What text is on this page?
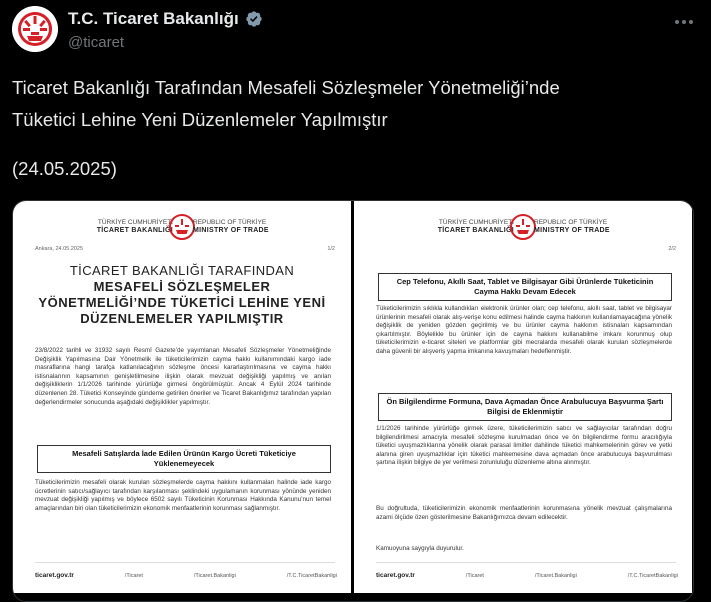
T.C. Ticaret Bakanlığı
@ticaret
Ticaret Bakanlığı Tarafından Mesafeli Sözleşmeler Yönetmeliği’nde
Tüketici Lehine Yeni Düzenlemeler Yapılmıştır
(24.05.2025)
TÜRKİYE CUMHURİYETİ
TİCARET BAKANLIĞI
REPUBLIC OF TÜRKİYE
MINISTRY OF TRADE
Ankara, 24.05.2025	1/2
TİCARET BAKANLIĞI TARAFINDAN
MESAFELİ SÖZLEŞMELER
YÖNETMELİĞİ’NDE TÜKETİCİ LEHİNE YENİ
DÜZENLEMELER YAPILMIŞTIR
23/8/2022 tarihli ve 31932 sayılı Resmî Gazete’de yayımlanan Mesafeli Sözleşmeler Yönetmeliğinde Değişiklik Yapılmasına Dair Yönetmelik ile tüketicilerimizin cayma hakkı kullanımındaki kargo iade masraflarına hangi tarafça katlanılacağının sözleşme öncesi kararlaştırılmasına ve cayma hakkı istisnalarının kapsamının genişletilmesine ilişkin olarak mevzuat değişikliği yapılmış ve anılan değişikliklerin 1/1/2026 tarihinde yürürlüğe girmesi öngörülmüştür. Ancak 4 Eylül 2024 tarihinde düzenlenen 28. Tüketici Konseyinde gündeme getirilen öneriler ve Ticaret Bakanlığımız tarafından yapılan değerlendirmeler sonucunda aşağıdaki değişiklikler yapılmıştır.
Mesafeli Satışlarda İade Edilen Ürünün Kargo Ücreti Tüketiciye Yüklenemeyecek
Tüketicilerimizin mesafeli olarak kurulan sözleşmelerde cayma hakkını kullanmaları halinde iade kargo ücretlerinin satıcı/sağlayıcı tarafından karşılanması şeklindeki uygulamanın korunması yönünde yeniden mevzuat değişikliği yapılmış ve böylece 6502 sayılı Tüketicinin Korunması Hakkında Kanunu’nun temel amaçlarından biri olan tüketicilerimizin ekonomik menfaatlerinin korunması sağlanmıştır.
ticaret.gov.tr	/Ticaret	/Ticaret.Bakanligi	/T.C.TicaretBakanligi
TÜRKİYE CUMHURİYETİ
TİCARET BAKANLIĞI
REPUBLIC OF TÜRKİYE
MINISTRY OF TRADE
2/2
Cep Telefonu, Akıllı Saat, Tablet ve Bilgisayar Gibi Ürünlerde Tüketicinin Cayma Hakkı Devam Edecek
Tüketicilerimizin sıklıkla kullandıkları elektronik ürünler olan; cep telefonu, akıllı saat, tablet ve bilgisayar ürünlerinin mesafeli olarak alış-verişe konu edilmesi halinde cayma hakkının kullanılamayacağına yönelik değişiklik de yeniden gözden geçirilmiş ve bu ürünler cayma hakkının istisnaları kapsamından çıkartılmıştır. Böylelikle bu ürünler için de cayma hakkını kullanabilme imkanı korunmuş olup tüketicilerimizin e-ticaret siteleri ve platformlar gibi mecralarda mesafeli olarak kurulan sözleşmelerde daha güvenli bir alışveriş yapma imkanına kavuşmaları hedeflenmiştir.
Ön Bilgilendirme Formuna, Dava Açmadan Önce Arabulucuya Başvurma Şartı Bilgisi de Eklenmiştir
1/1/2026 tarihinde yürürlüğe girmek üzere, tüketicilerimizin satıcı ve sağlayıcılar tarafından doğru bilgilendirilmesi amacıyla mesafeli sözleşme kurulmadan önce ve ön bilgilendirme formu aracılığıyla tüketici uyuşmazlıklarına yönelik olarak parasal limitler dahilinde tüketici mahkemelerinin görev ve yetki alanına giren uyuşmazlıklar için tüketici mahkemesine dava açmadan önce arabulucuya başvurulması şartına ilişkin bilgiye de yer verilmesi zorunluluğu düzenleme altına alınmıştır.
Bu doğrultuda, tüketicilerimizin ekonomik menfaatlerinin korunmasına yönelik mevzuat çalışmalarına azami ölçüde özen gösterilmesine Bakanlığımızca devam edilecektir.
Kamuoyuna saygıyla duyurulur.
ticaret.gov.tr	/Ticaret	/Ticaret.Bakanligi	/T.C.TicaretBakanligi
